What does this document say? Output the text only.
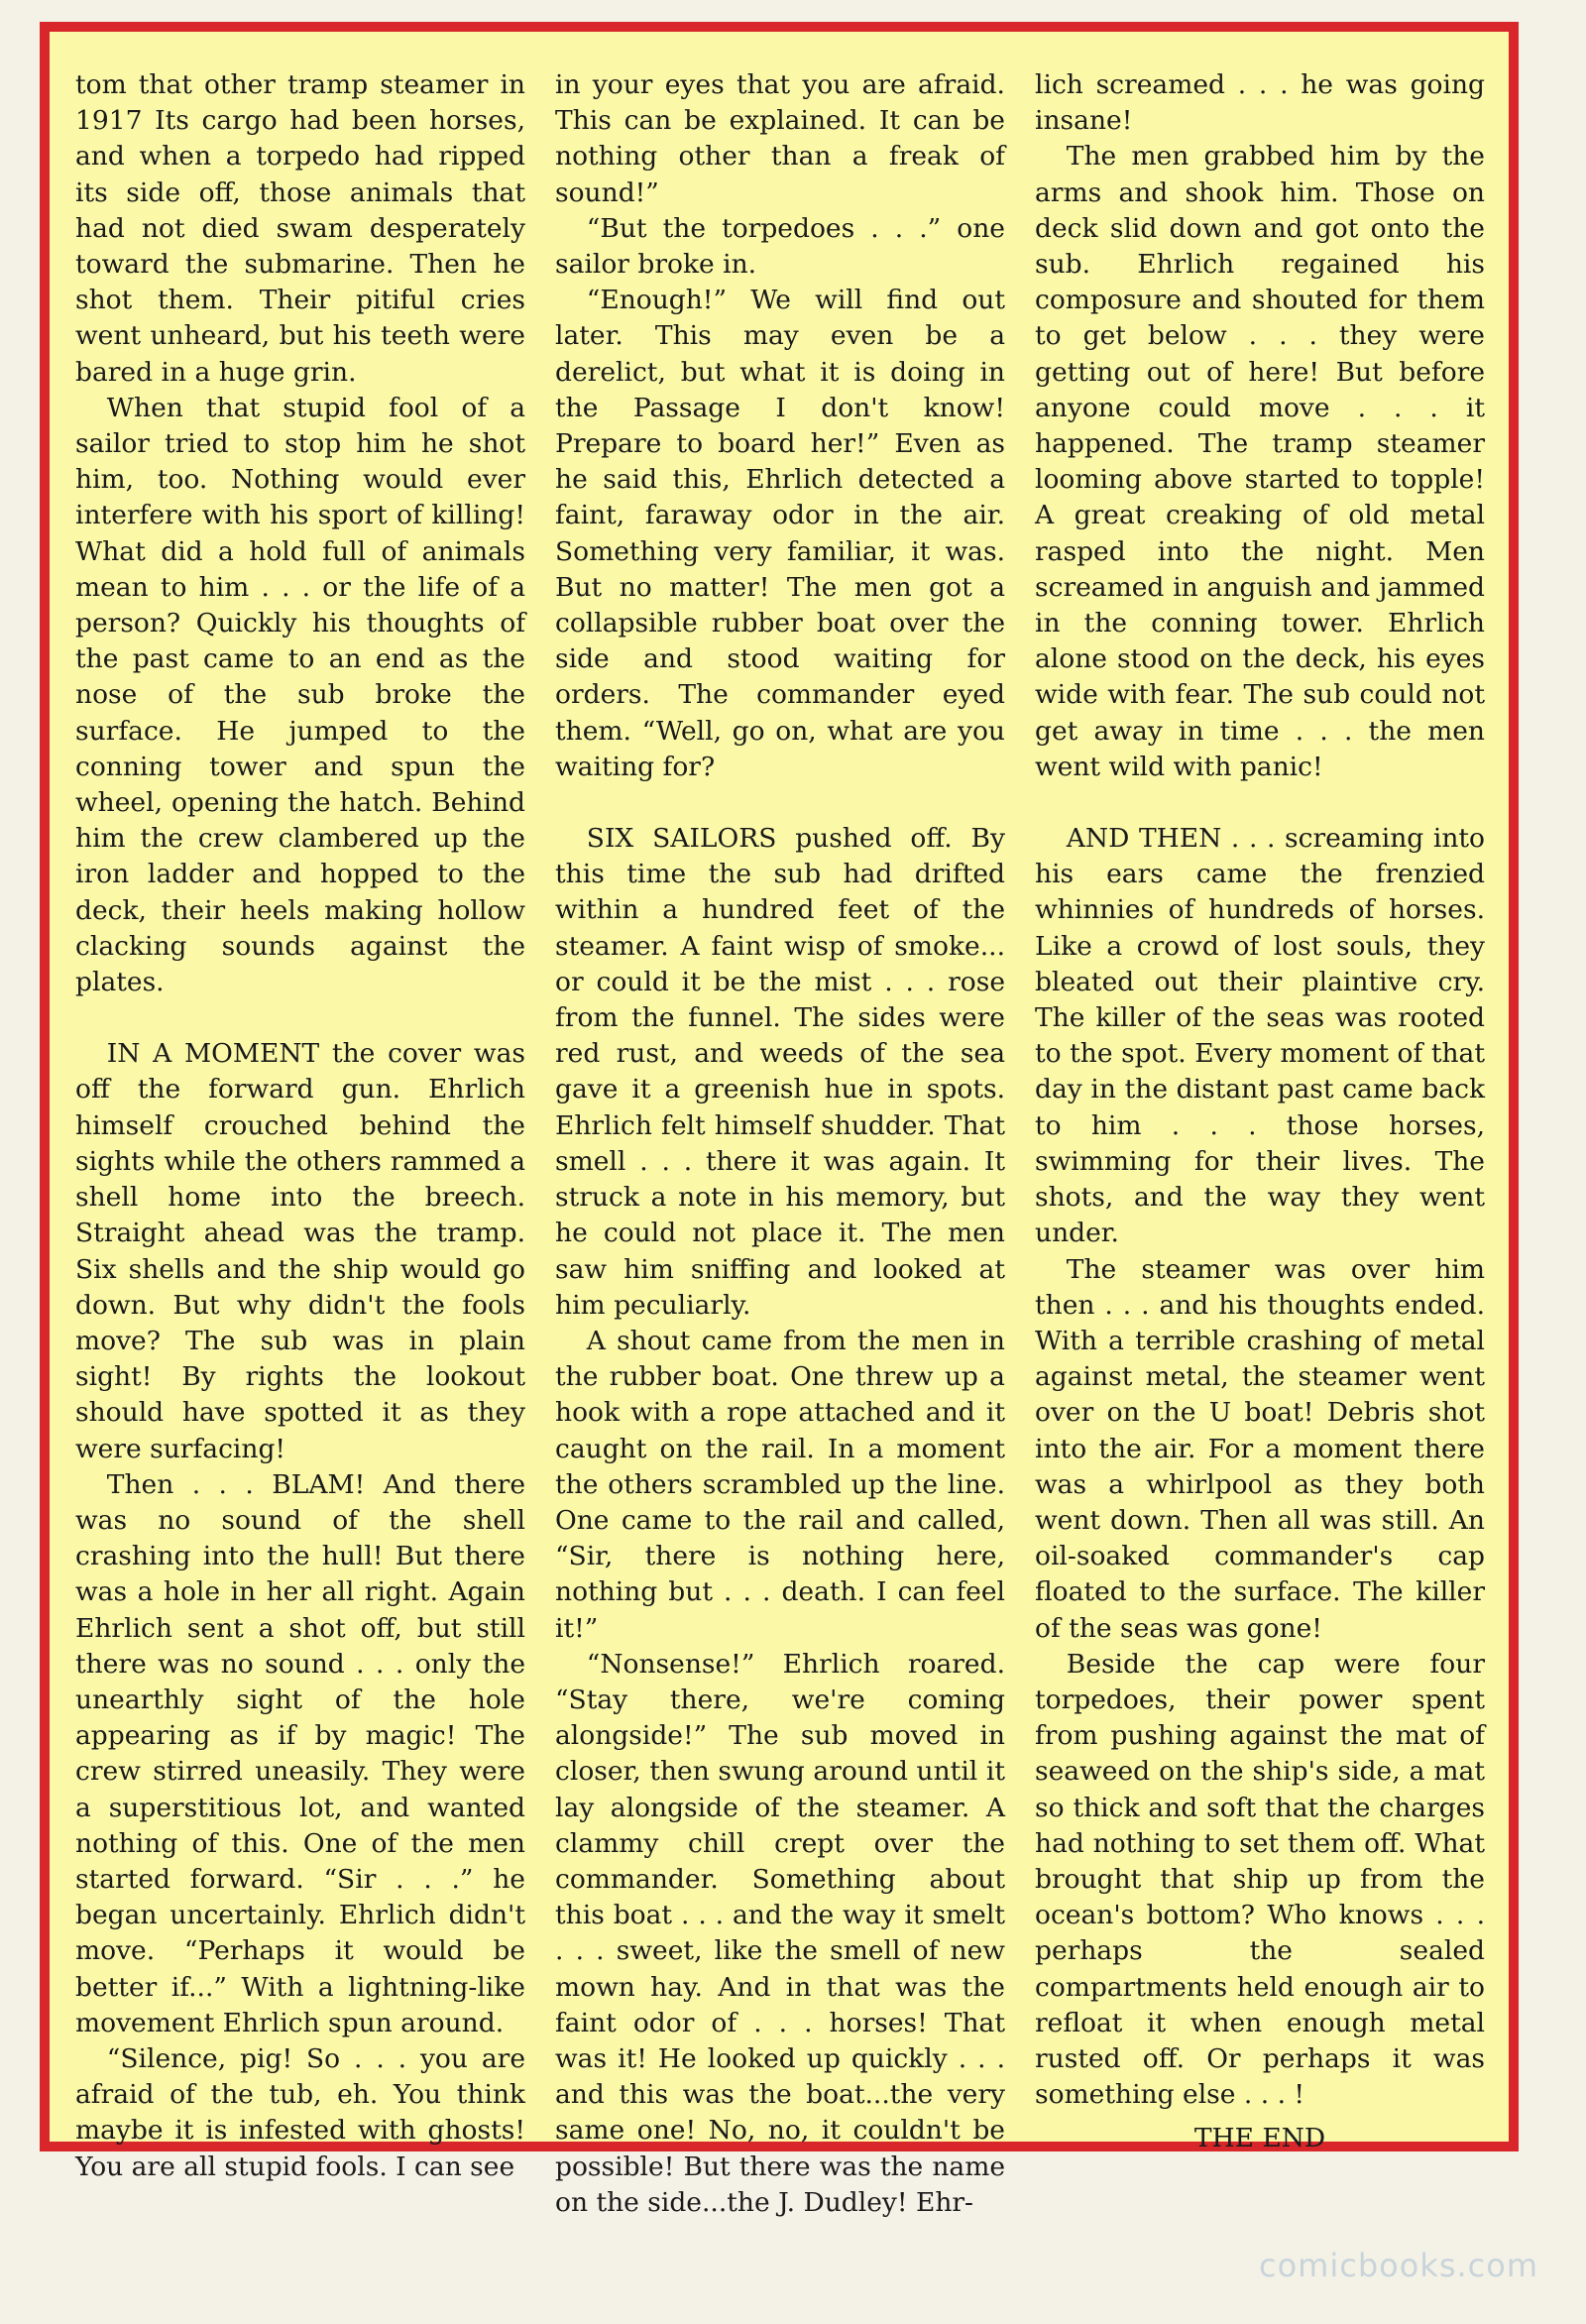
tom that other tramp steamer in 1917 Its cargo had been horses, and when a torpedo had ripped its side off, those animals that had not died swam desperately toward the submarine. Then he shot them. Their pitiful cries went unheard, but his teeth were bared in a huge grin.

When that stupid fool of a sailor tried to stop him he shot him, too. Nothing would ever interfere with his sport of killing! What did a hold full of animals mean to him . . . or the life of a person? Quickly his thoughts of the past came to an end as the nose of the sub broke the surface. He jumped to the conning tower and spun the wheel, opening the hatch. Behind him the crew clambered up the iron ladder and hopped to the deck, their heels making hollow clacking sounds against the plates.

IN A MOMENT the cover was off the forward gun. Ehrlich himself crouched behind the sights while the others rammed a shell home into the breech. Straight ahead was the tramp. Six shells and the ship would go down. But why didn't the fools move? The sub was in plain sight! By rights the lookout should have spotted it as they were surfacing!

Then . . . BLAM! And there was no sound of the shell crashing into the hull! But there was a hole in her all right. Again Ehrlich sent a shot off, but still there was no sound . . . only the unearthly sight of the hole appearing as if by magic! The crew stirred uneasily. They were a superstitious lot, and wanted nothing of this. One of the men started forward. “Sir . . .” he began uncertainly. Ehrlich didn't move. “Perhaps it would be better if...” With a lightning-like movement Ehrlich spun around.

“Silence, pig! So . . . you are afraid of the tub, eh. You think maybe it is infested with ghosts! You are all stupid fools. I can see

in your eyes that you are afraid. This can be explained. It can be nothing other than a freak of sound!”

“But the torpedoes . . .” one sailor broke in.

“Enough!” We will find out later. This may even be a derelict, but what it is doing in the Passage I don't know! Prepare to board her!” Even as he said this, Ehrlich detected a faint, faraway odor in the air. Something very familiar, it was. But no matter! The men got a collapsible rubber boat over the side and stood waiting for orders. The commander eyed them. “Well, go on, what are you waiting for?

SIX SAILORS pushed off. By this time the sub had drifted within a hundred feet of the steamer. A faint wisp of smoke... or could it be the mist . . . rose from the funnel. The sides were red rust, and weeds of the sea gave it a greenish hue in spots. Ehrlich felt himself shudder. That smell . . . there it was again. It struck a note in his memory, but he could not place it. The men saw him sniffing and looked at him peculiarly.

A shout came from the men in the rubber boat. One threw up a hook with a rope attached and it caught on the rail. In a moment the others scrambled up the line. One came to the rail and called, “Sir, there is nothing here, nothing but . . . death. I can feel it!”

“Nonsense!” Ehrlich roared. “Stay there, we're coming alongside!” The sub moved in closer, then swung around until it lay alongside of the steamer. A clammy chill crept over the commander. Something about this boat . . . and the way it smelt . . . sweet, like the smell of new mown hay. And in that was the faint odor of . . . horses! That was it! He looked up quickly . . . and this was the boat...the very same one! No, no, it couldn't be possible! But there was the name on the side...the J. Dudley! Ehr-

lich screamed . . . he was going insane!

The men grabbed him by the arms and shook him. Those on deck slid down and got onto the sub. Ehrlich regained his composure and shouted for them to get below . . . they were getting out of here! But before anyone could move . . . it happened. The tramp steamer looming above started to topple! A great creaking of old metal rasped into the night. Men screamed in anguish and jammed in the conning tower. Ehrlich alone stood on the deck, his eyes wide with fear. The sub could not get away in time . . . the men went wild with panic!

AND THEN . . . screaming into his ears came the frenzied whinnies of hundreds of horses. Like a crowd of lost souls, they bleated out their plaintive cry. The killer of the seas was rooted to the spot. Every moment of that day in the distant past came back to him . . . those horses, swimming for their lives. The shots, and the way they went under.

The steamer was over him then . . . and his thoughts ended. With a terrible crashing of metal against metal, the steamer went over on the U boat! Debris shot into the air. For a moment there was a whirlpool as they both went down. Then all was still. An oil-soaked commander's cap floated to the surface. The killer of the seas was gone!

Beside the cap were four torpedoes, their power spent from pushing against the mat of seaweed on the ship's side, a mat so thick and soft that the charges had nothing to set them off. What brought that ship up from the ocean's bottom? Who knows . . . perhaps the sealed compartments held enough air to refloat it when enough metal rusted off. Or perhaps it was something else . . . !

THE END

comicbooks.com
